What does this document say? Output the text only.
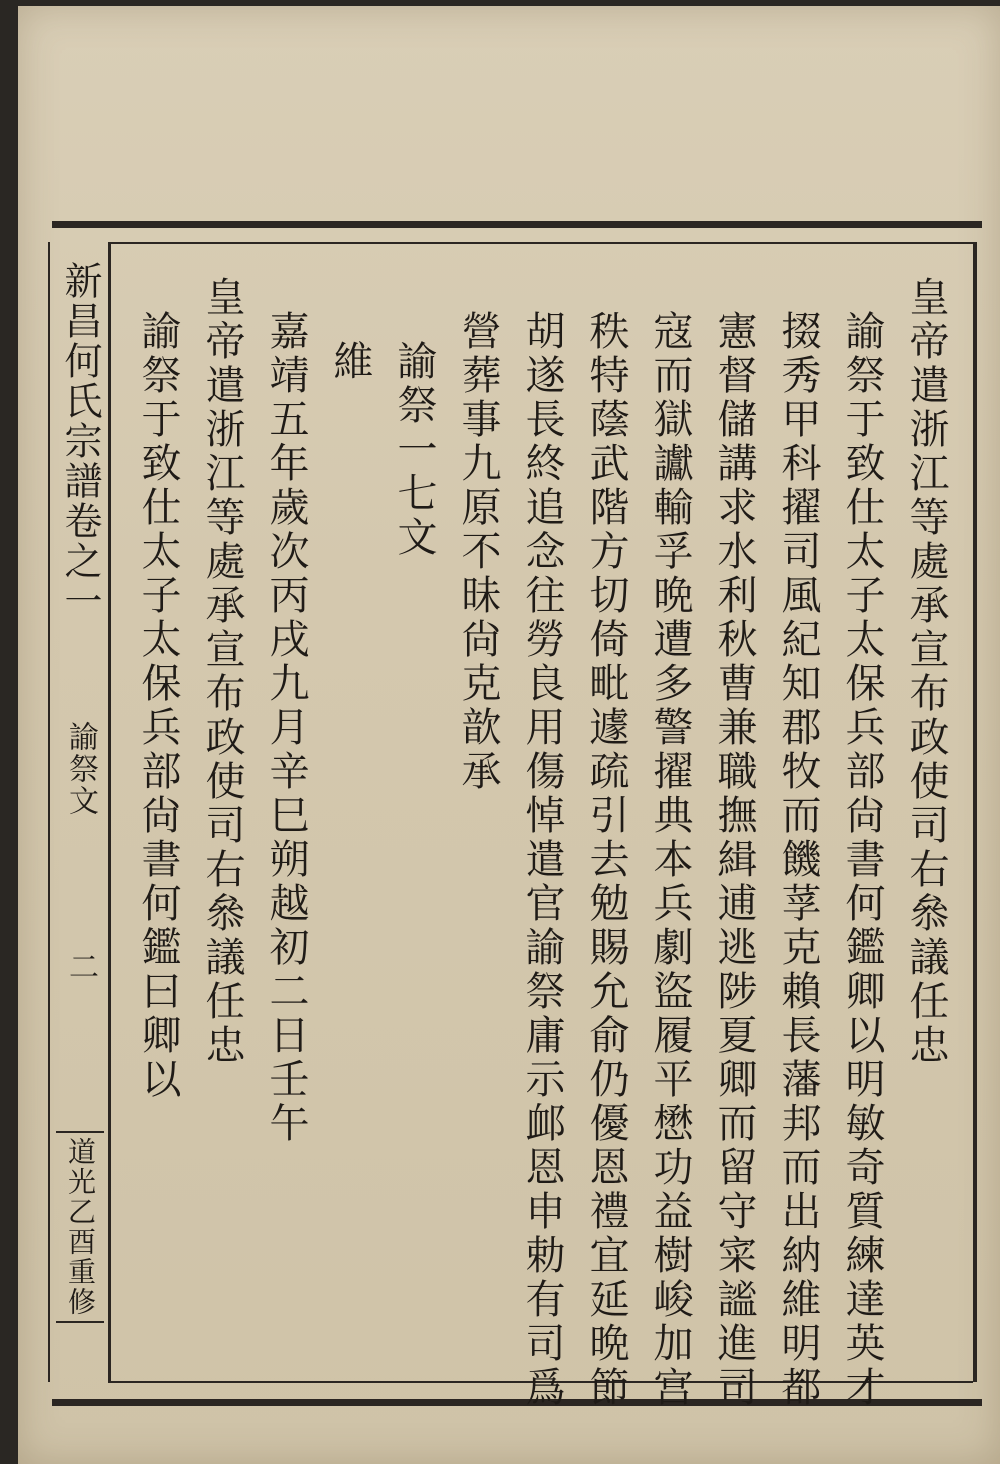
新昌何氏宗譜卷之一
諭祭文
二
道光乙酉重修
皇帝遣浙江等處承宣布政使司右叅議任忠
諭祭于致仕太子太保兵部尙書何鑑卿以明敏奇質練達英才
掇秀甲科擢司風紀知郡牧而饑莩克賴長藩邦而出納維明都
憲督儲講求水利秋曹兼職撫緝逋逃陟夏卿而留守寀謐進司
寇而獄讞輸孚晩遭多警擢典本兵劇盜履平懋功益樹峻加宫
秩特蔭武階方切倚毗遽疏引去勉賜允俞仍優恩禮宜延晩節
胡遂長終追念往勞良用傷悼遣官諭祭庸示䘏恩申勅有司爲
營葬事九原不昧尙克歆承
諭祭一七文
維
嘉靖五年歲次丙戌九月辛巳朔越初二日壬午
皇帝遣浙江等處承宣布政使司右叅議任忠
諭祭于致仕太子太保兵部尙書何鑑曰卿以
